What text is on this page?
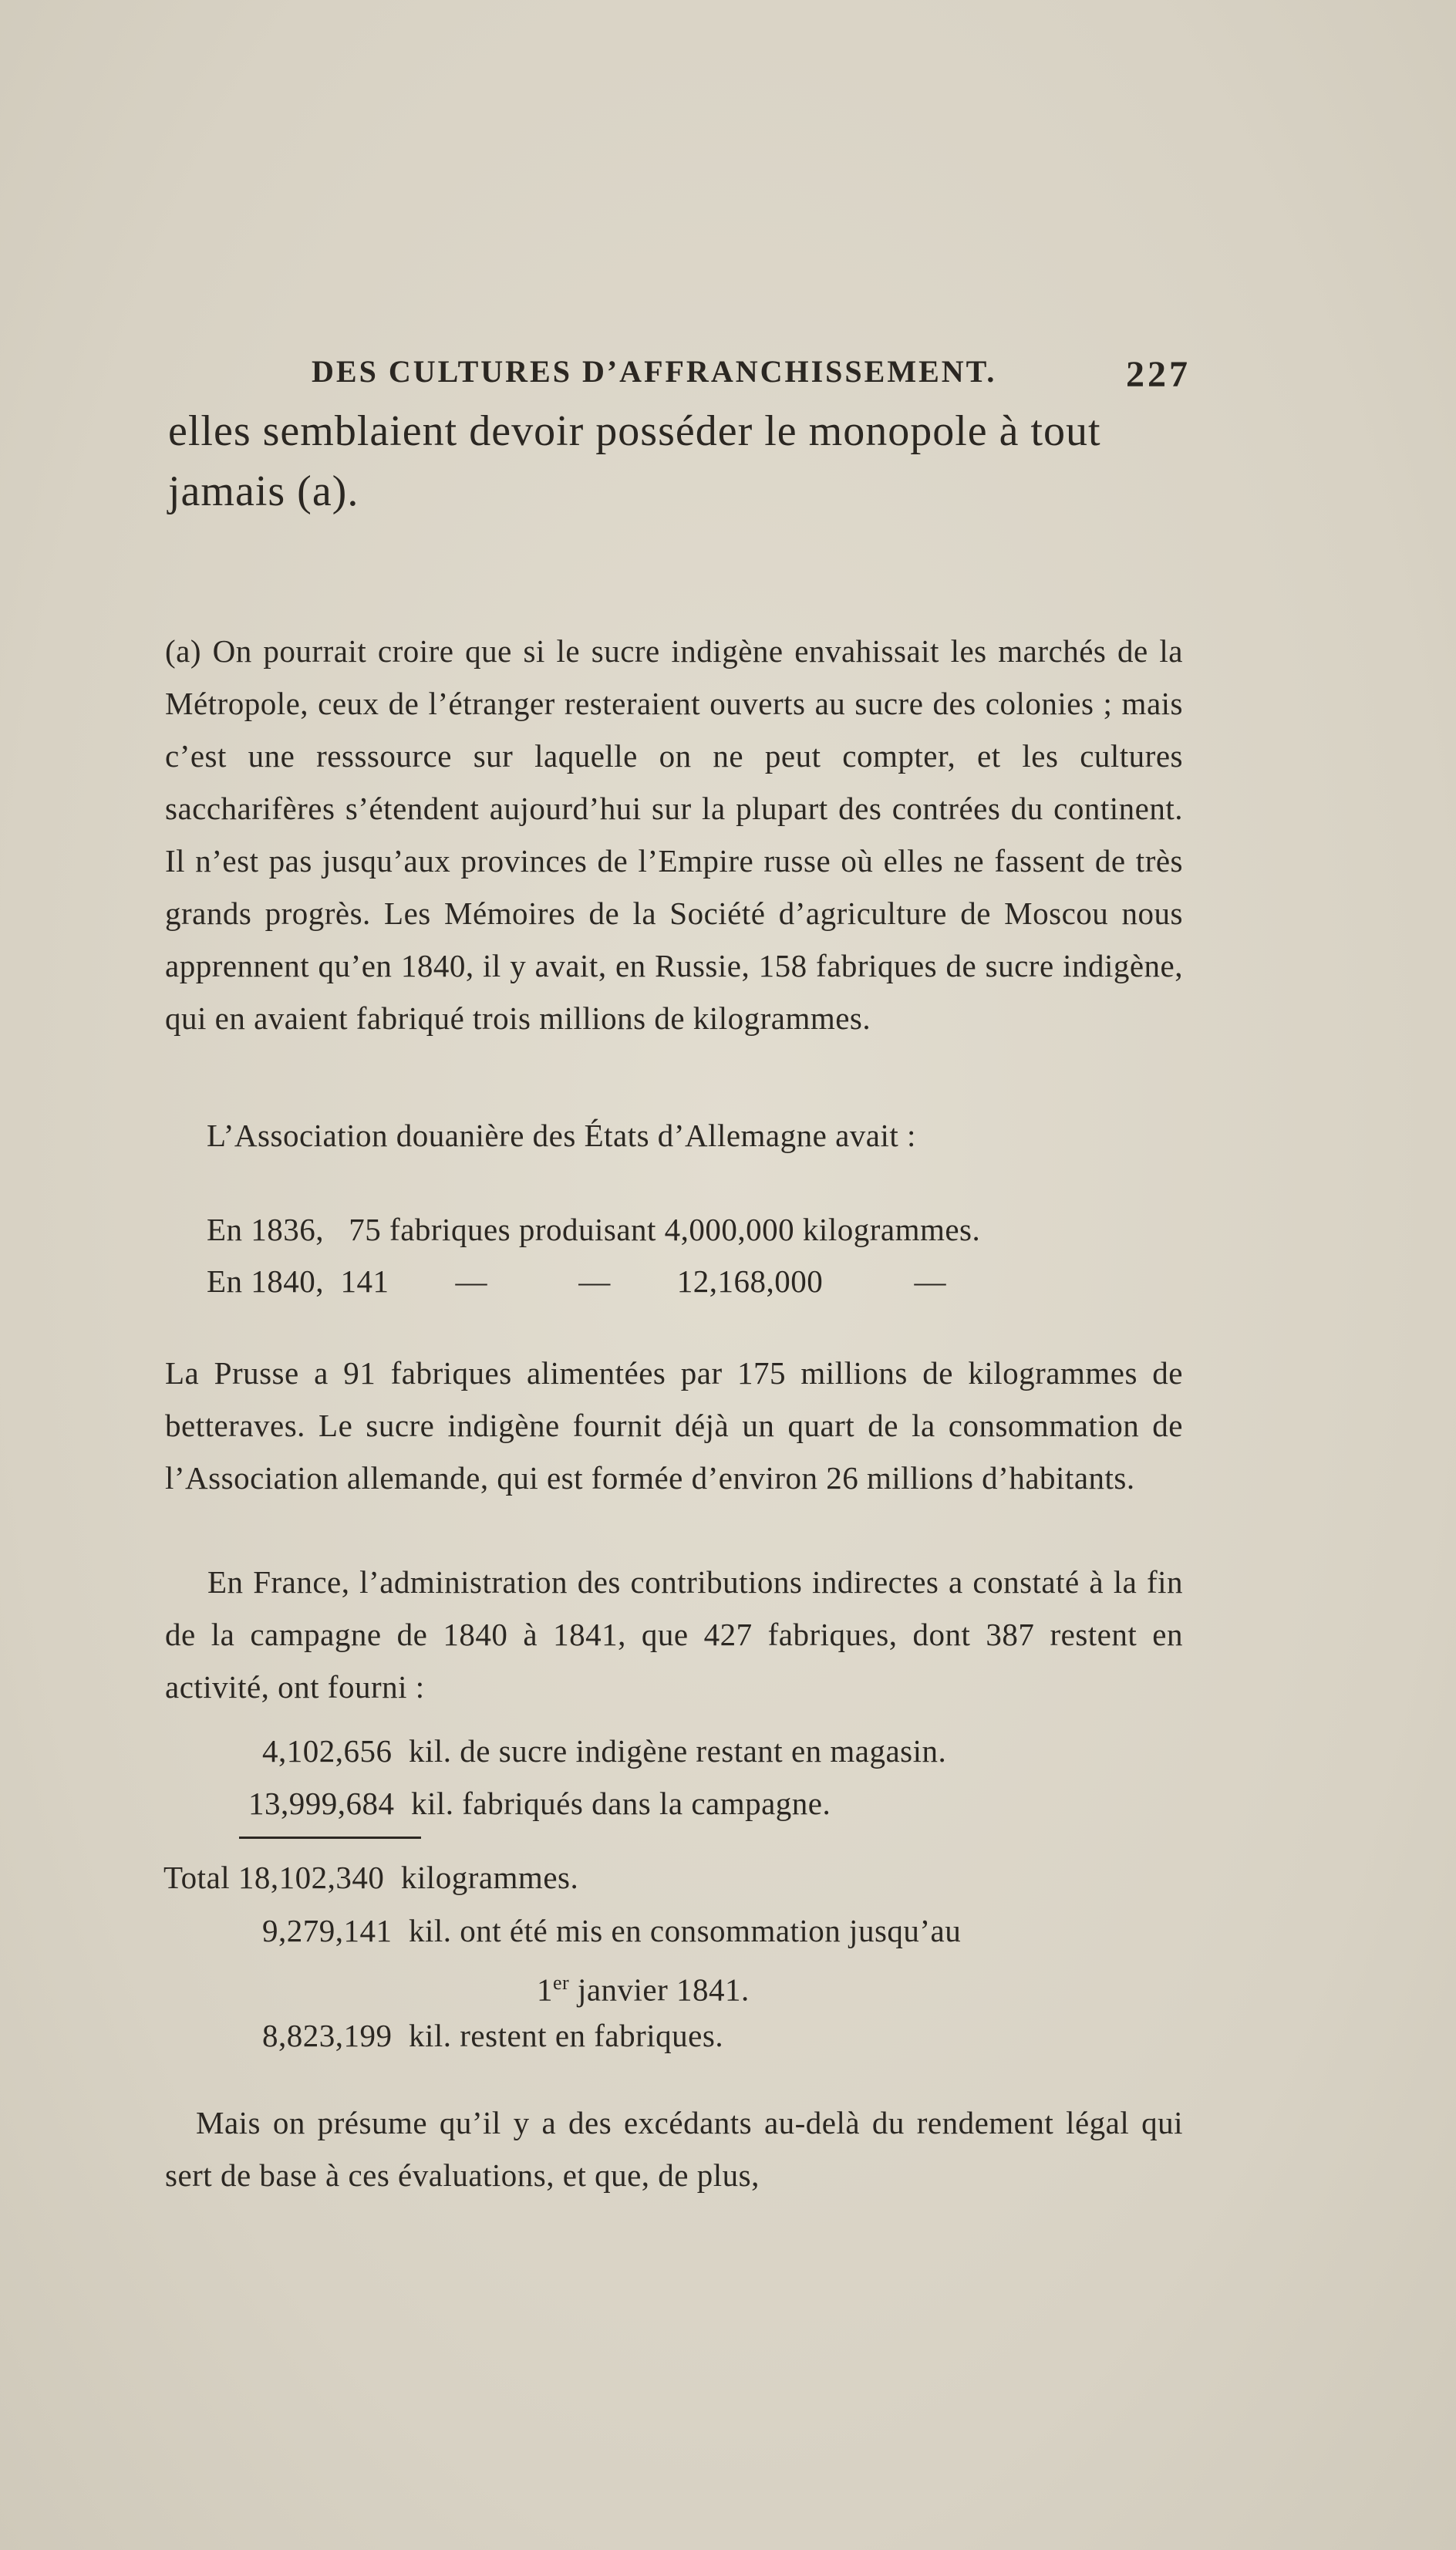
DES CULTURES D’AFFRANCHISSEMENT.	227
elles semblaient devoir posséder le monopole à tout jamais (a).
(a) On pourrait croire que si le sucre indigène envahissait les marchés de la Métropole, ceux de l’étranger resteraient ouverts au sucre des colonies ; mais c’est une resssource sur laquelle on ne peut compter, et les cultures saccharifères s’étendent aujourd’hui sur la plupart des contrées du continent. Il n’est pas jusqu’aux provinces de l’Empire russe où elles ne fassent de très grands progrès. Les Mémoires de la Société d’agriculture de Moscou nous apprennent qu’en 1840, il y avait, en Russie, 158 fabriques de sucre indigène, qui en avaient fabriqué trois millions de kilogrammes.
L’Association douanière des États d’Allemagne avait :
En 1836,   75 fabriques produisant 4,000,000 kilogrammes.
En 1840,  141        —           —        12,168,000           —
La Prusse a 91 fabriques alimentées par 175 millions de kilogrammes de betteraves. Le sucre indigène fournit déjà un quart de la consommation de l’Association allemande, qui est formée d’environ 26 millions d’habitants.
En France, l’administration des contributions indirectes a constaté à la fin de la campagne de 1840 à 1841, que 427 fabriques, dont 387 restent en activité, ont fourni :
4,102,656  kil. de sucre indigène restant en magasin.
13,999,684  kil. fabriqués dans la campagne.
Total 18,102,340  kilogrammes.
9,279,141  kil. ont été mis en consommation jusqu’au
1er janvier 1841.
8,823,199  kil. restent en fabriques.
Mais on présume qu’il y a des excédants au-delà du rendement légal qui sert de base à ces évaluations, et que, de plus,
